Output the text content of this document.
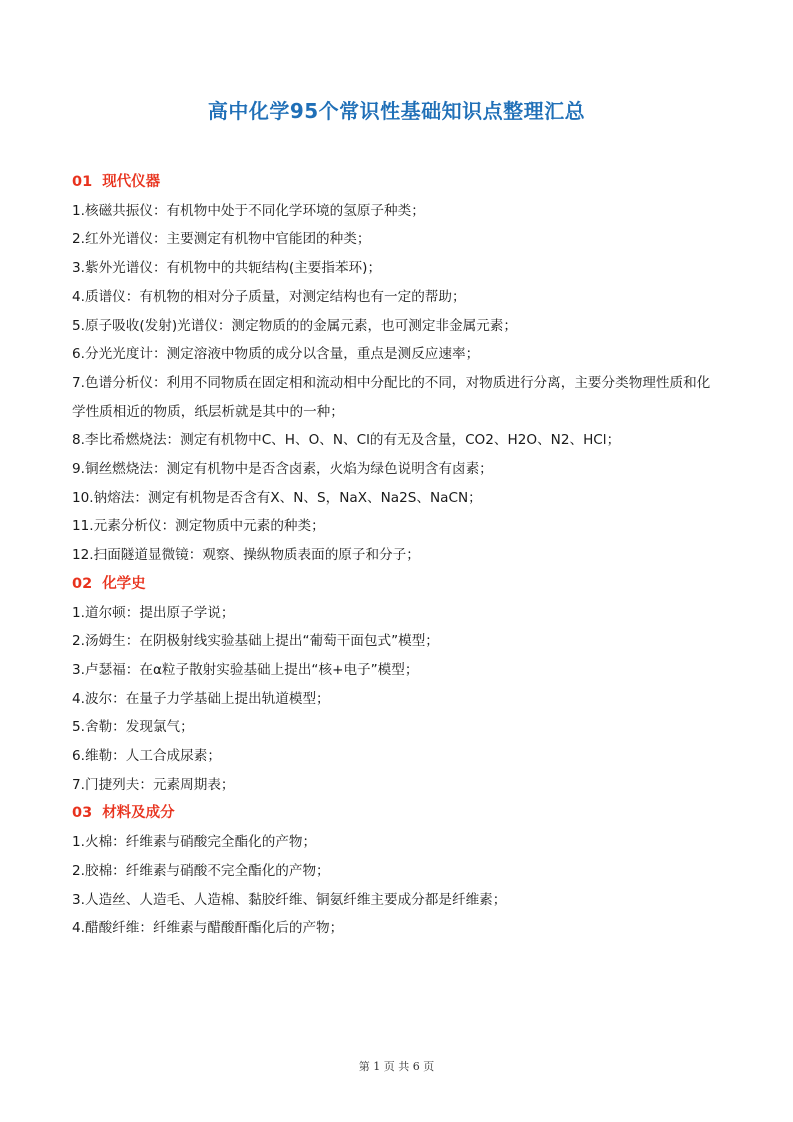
高中化学95个常识性基础知识点整理汇总
01 现代仪器
1.核磁共振仪：有机物中处于不同化学环境的氢原子种类；
2.红外光谱仪：主要测定有机物中官能团的种类；
3.紫外光谱仪：有机物中的共轭结构(主要指苯环)；
4.质谱仪：有机物的相对分子质量，对测定结构也有一定的帮助；
5.原子吸收(发射)光谱仪：测定物质的的金属元素，也可测定非金属元素；
6.分光光度计：测定溶液中物质的成分以含量，重点是测反应速率；
7.色谱分析仪：利用不同物质在固定相和流动相中分配比的不同，对物质进行分离，主要分类物理性质和化学性质相近的物质，纸层析就是其中的一种；
8.李比希燃烧法：测定有机物中C、H、O、N、Cl的有无及含量，CO2、H2O、N2、HCl；
9.铜丝燃烧法：测定有机物中是否含卤素，火焰为绿色说明含有卤素；
10.钠熔法：测定有机物是否含有X、N、S，NaX、Na2S、NaCN；
11.元素分析仪：测定物质中元素的种类；
12.扫面隧道显微镜：观察、操纵物质表面的原子和分子；
02 化学史
1.道尔顿：提出原子学说；
2.汤姆生：在阴极射线实验基础上提出“葡萄干面包式”模型；
3.卢瑟福：在α粒子散射实验基础上提出“核+电子”模型；
4.波尔：在量子力学基础上提出轨道模型；
5.舍勒：发现氯气；
6.维勒：人工合成尿素；
7.门捷列夫：元素周期表；
03 材料及成分
1.火棉：纤维素与硝酸完全酯化的产物；
2.胶棉：纤维素与硝酸不完全酯化的产物；
3.人造丝、人造毛、人造棉、黏胶纤维、铜氨纤维主要成分都是纤维素；
4.醋酸纤维：纤维素与醋酸酐酯化后的产物；
第 1 页 共 6 页
